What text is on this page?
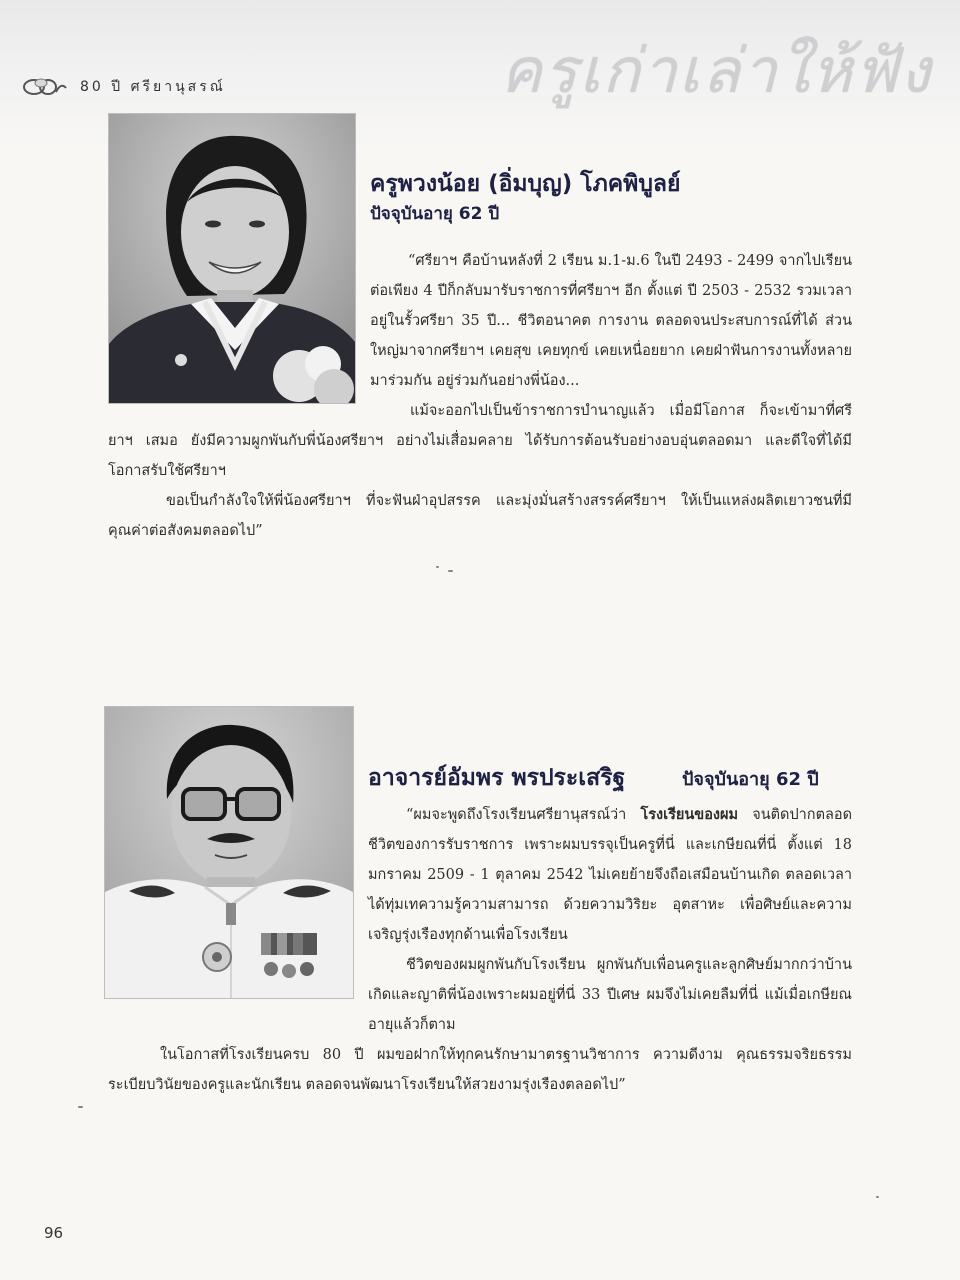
80 ปี ศรียานุสรณ์	ครูเก่าเล่าให้ฟัง
ครูพวงน้อย (อิ่มบุญ) โภคพิบูลย์
ปัจจุบันอายุ 62 ปี

“ศรียาฯ คือบ้านหลังที่ 2 เรียน ม.1-ม.6 ในปี 2493 - 2499 จากไปเรียนต่อเพียง 4 ปีก็กลับมารับราชการที่ศรียาฯ อีก ตั้งแต่ ปี 2503 - 2532 รวมเวลาอยู่ในรั้วศรียา 35 ปี... ชีวิตอนาคต การงาน ตลอดจนประสบการณ์ที่ได้ ส่วนใหญ่มาจากศรียาฯ เคยสุข เคยทุกข์ เคยเหนื่อยยาก เคยฝ่าฟันการงานทั้งหลายมาร่วมกัน อยู่ร่วมกันอย่างพี่น้อง...

แม้จะออกไปเป็นข้าราชการบำนาญแล้ว เมื่อมีโอกาส ก็จะเข้ามาที่ศรียาฯ เสมอ ยังมีความผูกพันกับพี่น้องศรียาฯ อย่างไม่เสื่อมคลาย ได้รับการต้อนรับอย่างอบอุ่นตลอดมา และดีใจที่ได้มีโอกาสรับใช้ศรียาฯ

ขอเป็นกำลังใจให้พี่น้องศรียาฯ ที่จะฟันฝ่าอุปสรรค และมุ่งมั่นสร้างสรรค์ศรียาฯ ให้เป็นแหล่งผลิตเยาวชนที่มีคุณค่าต่อสังคมตลอดไป”

อาจารย์อัมพร พรประเสริฐ	ปัจจุบันอายุ 62 ปี

“ผมจะพูดถึงโรงเรียนศรียานุสรณ์ว่า โรงเรียนของผม จนติดปากตลอดชีวิตของการรับราชการ เพราะผมบรรจุเป็นครูที่นี่ และเกษียณที่นี่ ตั้งแต่ 18 มกราคม 2509 - 1 ตุลาคม 2542 ไม่เคยย้ายจึงถือเสมือนบ้านเกิด ตลอดเวลาได้ทุ่มเทความรู้ความสามารถ ด้วยความวิริยะ อุตสาหะ เพื่อศิษย์และความเจริญรุ่งเรืองทุกด้านเพื่อโรงเรียน

ชีวิตของผมผูกพันกับโรงเรียน ผูกพันกับเพื่อนครูและลูกศิษย์มากกว่าบ้านเกิดและญาติพี่น้องเพราะผมอยู่ที่นี่ 33 ปีเศษ ผมจึงไม่เคยลืมที่นี่ แม้เมื่อเกษียณอายุแล้วก็ตาม

ในโอกาสที่โรงเรียนครบ 80 ปี ผมขอฝากให้ทุกคนรักษามาตรฐานวิชาการ ความดีงาม คุณธรรมจริยธรรม ระเบียบวินัยของครูและนักเรียน ตลอดจนพัฒนาโรงเรียนให้สวยงามรุ่งเรืองตลอดไป”

96
